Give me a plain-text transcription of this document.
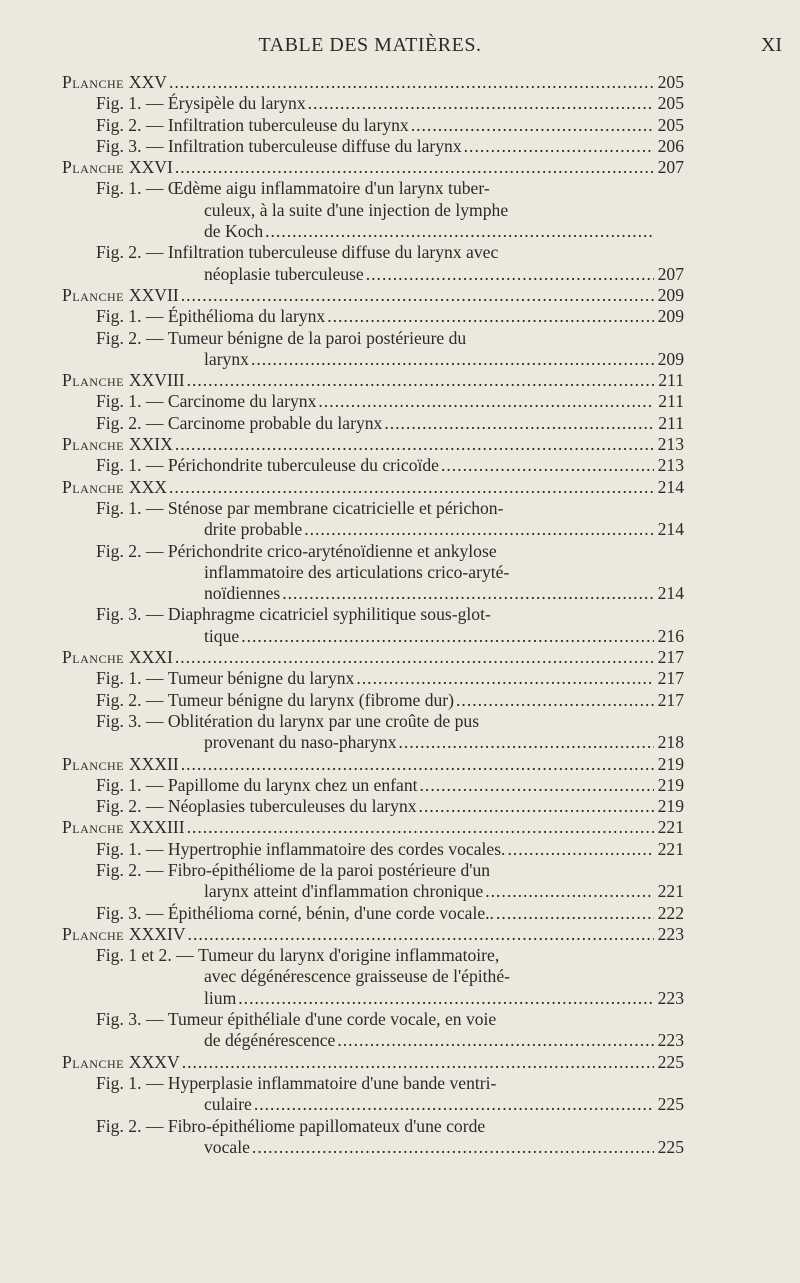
TABLE DES MATIÈRES.	XI
Planche XXV .....	205
Fig. 1. — Érysipèle du larynx .....	205
Fig. 2. — Infiltration tuberculeuse du larynx .....	205
Fig. 3. — Infiltration tuberculeuse diffuse du larynx .....	206
Planche XXVI .....	207
Fig. 1. — Œdème aigu inflammatoire d'un larynx tuber-
culeux, à la suite d'une injection de lymphe
de Koch
.....
Fig. 2. — Infiltration tuberculeuse diffuse du larynx avec
néoplasie tuberculeuse .....	207
Planche XXVII .....	209
Fig. 1. — Épithélioma du larynx .....	209
Fig. 2. — Tumeur bénigne de la paroi postérieure du
larynx .....	209
Planche XXVIII .....	211
Fig. 1. — Carcinome du larynx .....	211
Fig. 2. — Carcinome probable du larynx .....	211
Planche XXIX .....	213
Fig. 1. — Périchondrite tuberculeuse du cricoïde .....	213
Planche XXX .....	214
Fig. 1. — Sténose par membrane cicatricielle et périchon-
drite probable .....	214
Fig. 2. — Périchondrite crico-aryténoïdienne et ankylose
inflammatoire des articulations crico-aryté-
noïdiennes .....	214
Fig. 3. — Diaphragme cicatriciel syphilitique sous-glot-
tique .....	216
Planche XXXI .....	217
Fig. 1. — Tumeur bénigne du larynx .....	217
Fig. 2. — Tumeur bénigne du larynx (fibrome dur) .....	217
Fig. 3. — Oblitération du larynx par une croûte de pus
provenant du naso-pharynx .....	218
Planche XXXII .....	219
Fig. 1. — Papillome du larynx chez un enfant .....	219
Fig. 2. — Néoplasies tuberculeuses du larynx .....	219
Planche XXXIII .....	221
Fig. 1. — Hypertrophie inflammatoire des cordes vocales. .....	221
Fig. 2. — Fibro-épithéliome de la paroi postérieure d'un
larynx atteint d'inflammation chronique .....	221
Fig. 3. — Épithélioma corné, bénin, d'une corde vocale.. .....	222
Planche XXXIV .....	223
Fig. 1 et 2. — Tumeur du larynx d'origine inflammatoire,
avec dégénérescence graisseuse de l'épithé-
lium .....	223
Fig. 3. — Tumeur épithéliale d'une corde vocale, en voie
de dégénérescence .....	223
Planche XXXV .....	225
Fig. 1. — Hyperplasie inflammatoire d'une bande ventri-
culaire .....	225
Fig. 2. — Fibro-épithéliome papillomateux d'une corde
vocale .....	225
